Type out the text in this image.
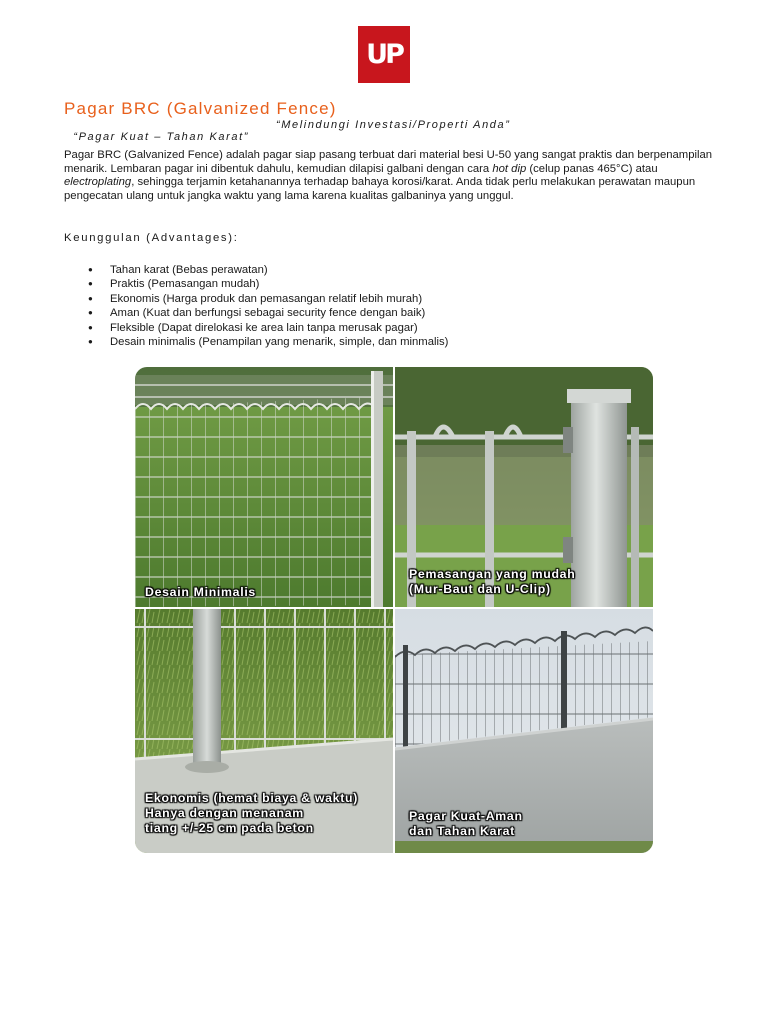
UP
Pagar BRC (Galvanized Fence)

“Pagar Kuat – Tahan Karat”

“Melindungi Investasi/Properti Anda”

Pagar BRC (Galvanized Fence) adalah pagar siap pasang terbuat dari material besi U-50 yang sangat praktis dan berpenampilan menarik. Lembaran pagar ini dibentuk dahulu, kemudian dilapisi galbani dengan cara hot dip (celup panas 465°C) atau electroplating, sehingga terjamin ketahanannya terhadap bahaya korosi/karat. Anda tidak perlu melakukan perawatan maupun pengecatan ulang untuk jangka waktu yang lama karena kualitas galbaninya yang unggul.

Keunggulan (Advantages):
● Tahan karat (Bebas perawatan)
● Praktis (Pemasangan mudah)
● Ekonomis (Harga produk dan pemasangan relatif lebih murah)
● Aman (Kuat dan berfungsi sebagai security fence dengan baik)
● Fleksible (Dapat direlokasi ke area lain tanpa merusak pagar)
● Desain minimalis (Penampilan yang menarik, simple, dan minmalis)
Desain Minimalis
Pemasangan yang mudah
(Mur-Baut dan U-Clip)
Ekonomis (hemat biaya & waktu)
Hanya dengan menanam
tiang +/-25 cm pada beton
Pagar Kuat-Aman
dan Tahan Karat
